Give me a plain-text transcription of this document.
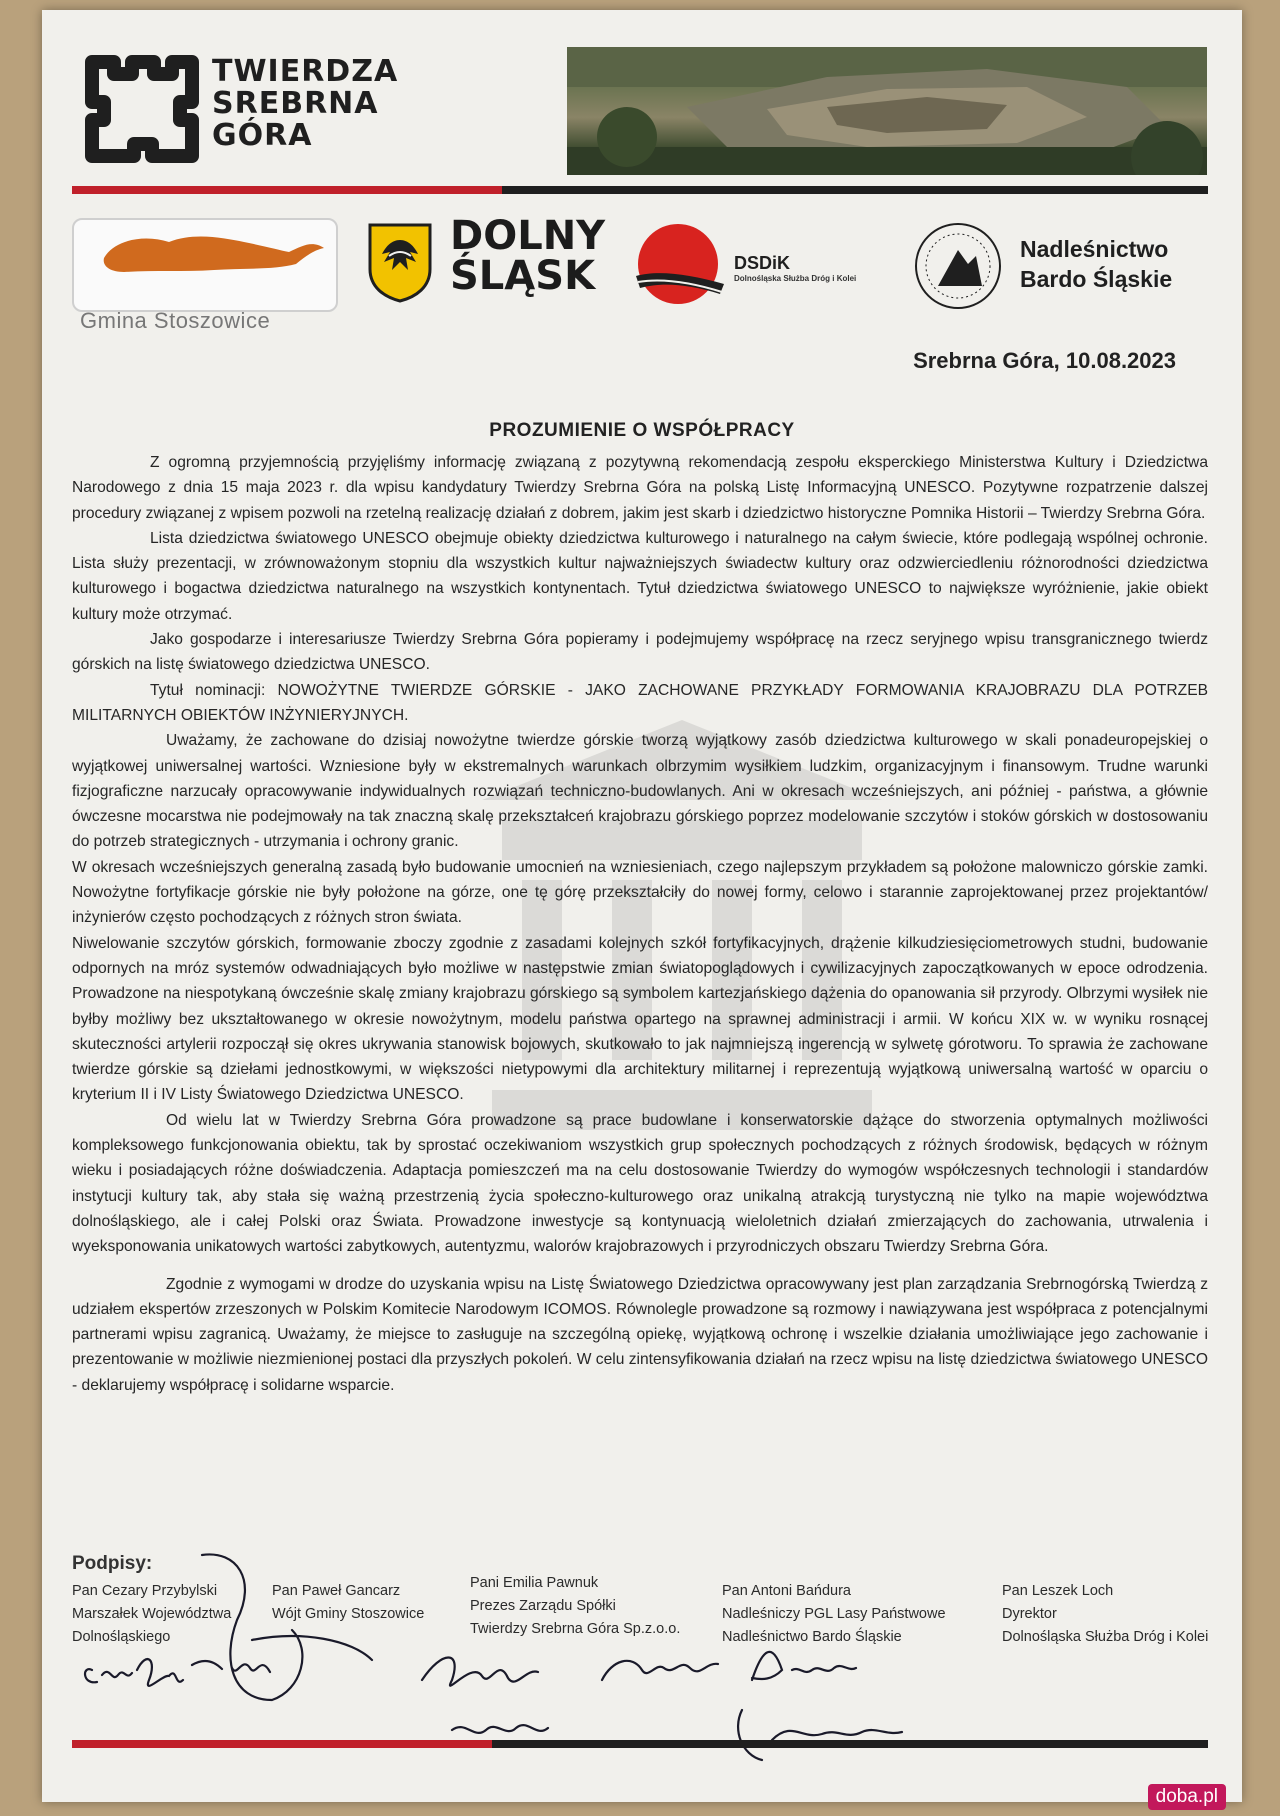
TWIERDZA
SREBRNA
GÓRA
Gmina Stoszowice
DOLNY
ŚLĄSK	DSDiK
Dolnośląska Służba Dróg i Kolei
Nadleśnictwo
Bardo Śląskie
Srebrna Góra, 10.08.2023
PROZUMIENIE O WSPÓŁPRACY

Z ogromną przyjemnością przyjęliśmy informację związaną z pozytywną rekomendacją zespołu eksperckiego Ministerstwa Kultury i Dziedzictwa Narodowego z dnia 15 maja 2023 r. dla wpisu kandydatury Twierdzy Srebrna Góra na polską Listę Informacyjną UNESCO. Pozytywne rozpatrzenie dalszej procedury związanej z wpisem pozwoli na rzetelną realizację działań z dobrem, jakim jest skarb i dziedzictwo historyczne Pomnika Historii – Twierdzy Srebrna Góra.

Lista dziedzictwa światowego UNESCO obejmuje obiekty dziedzictwa kulturowego i naturalnego na całym świecie, które podlegają wspólnej ochronie. Lista służy prezentacji, w zrównoważonym stopniu dla wszystkich kultur najważniejszych świadectw kultury oraz odzwierciedleniu różnorodności dziedzictwa kulturowego i bogactwa dziedzictwa naturalnego na wszystkich kontynentach. Tytuł dziedzictwa światowego UNESCO to największe wyróżnienie, jakie obiekt kultury może otrzymać.

Jako gospodarze i interesariusze Twierdzy Srebrna Góra popieramy i podejmujemy współpracę na rzecz seryjnego wpisu transgranicznego twierdz górskich na listę światowego dziedzictwa UNESCO.

Tytuł nominacji: NOWOŻYTNE TWIERDZE GÓRSKIE - JAKO ZACHOWANE PRZYKŁADY FORMOWANIA KRAJOBRAZU DLA POTRZEB MILITARNYCH OBIEKTÓW INŻYNIERYJNYCH.

Uważamy, że zachowane do dzisiaj nowożytne twierdze górskie tworzą wyjątkowy zasób dziedzictwa kulturowego w skali ponadeuropejskiej o wyjątkowej uniwersalnej wartości. Wzniesione były w ekstremalnych warunkach olbrzymim wysiłkiem ludzkim, organizacyjnym i finansowym. Trudne warunki fizjograficzne narzucały opracowywanie indywidualnych rozwiązań techniczno-budowlanych. Ani w okresach wcześniejszych, ani później - państwa, a głównie ówczesne mocarstwa nie podejmowały na tak znaczną skalę przekształceń krajobrazu górskiego poprzez modelowanie szczytów i stoków górskich w dostosowaniu do potrzeb strategicznych - utrzymania i ochrony granic.

W okresach wcześniejszych generalną zasadą było budowanie umocnień na wzniesieniach, czego najlepszym przykładem są położone malowniczo górskie zamki. Nowożytne fortyfikacje górskie nie były położone na górze, one tę górę przekształciły do nowej formy, celowo i starannie zaprojektowanej przez projektantów/ inżynierów często pochodzących z różnych stron świata.

Niwelowanie szczytów górskich, formowanie zboczy zgodnie z zasadami kolejnych szkół fortyfikacyjnych, drążenie kilkudziesięciometrowych studni, budowanie odpornych na mróz systemów odwadniających było możliwe w następstwie zmian światopoglądowych i cywilizacyjnych zapoczątkowanych w epoce odrodzenia. Prowadzone na niespotykaną ówcześnie skalę zmiany krajobrazu górskiego są symbolem kartezjańskiego dążenia do opanowania sił przyrody. Olbrzymi wysiłek nie byłby możliwy bez ukształtowanego w okresie nowożytnym, modelu państwa opartego na sprawnej administracji i armii. W końcu XIX w. w wyniku rosnącej skuteczności artylerii rozpoczął się okres ukrywania stanowisk bojowych, skutkowało to jak najmniejszą ingerencją w sylwetę górotworu. To sprawia że zachowane twierdze górskie są dziełami jednostkowymi, w większości nietypowymi dla architektury militarnej i reprezentują wyjątkową uniwersalną wartość w oparciu o kryterium II i IV Listy Światowego Dziedzictwa UNESCO.

Od wielu lat w Twierdzy Srebrna Góra prowadzone są prace budowlane i konserwatorskie dążące do stworzenia optymalnych możliwości kompleksowego funkcjonowania obiektu, tak by sprostać oczekiwaniom wszystkich grup społecznych pochodzących z różnych środowisk, będących w różnym wieku i posiadających różne doświadczenia. Adaptacja pomieszczeń ma na celu dostosowanie Twierdzy do wymogów współczesnych technologii i standardów instytucji kultury tak, aby stała się ważną przestrzenią życia społeczno-kulturowego oraz unikalną atrakcją turystyczną nie tylko na mapie województwa dolnośląskiego, ale i całej Polski oraz Świata. Prowadzone inwestycje są kontynuacją wieloletnich działań zmierzających do zachowania, utrwalenia i wyeksponowania unikatowych wartości zabytkowych, autentyzmu, walorów krajobrazowych i przyrodniczych obszaru Twierdzy Srebrna Góra.

Zgodnie z wymogami w drodze do uzyskania wpisu na Listę Światowego Dziedzictwa opracowywany jest plan zarządzania Srebrnogórską Twierdzą z udziałem ekspertów zrzeszonych w Polskim Komitecie Narodowym ICOMOS. Równolegle prowadzone są rozmowy i nawiązywana jest współpraca z potencjalnymi partnerami wpisu zagranicą. Uważamy, że miejsce to zasługuje na szczególną opiekę, wyjątkową ochronę i wszelkie działania umożliwiające jego zachowanie i prezentowanie w możliwie niezmienionej postaci dla przyszłych pokoleń. W celu zintensyfikowania działań na rzecz wpisu na listę dziedzictwa światowego UNESCO - deklarujemy współpracę i solidarne wsparcie.

Podpisy:
Pan Cezary Przybylski
Marszałek Województwa
Dolnośląskiego
Pan Paweł Gancarz
Wójt Gminy Stoszowice
Pani Emilia Pawnuk
Prezes Zarządu Spółki
Twierdzy Srebrna Góra Sp.z.o.o.
Pan Antoni Bańdura
Nadleśniczy PGL Lasy Państwowe
Nadleśnictwo Bardo Śląskie
Pan Leszek Loch
Dyrektor
Dolnośląska Służba Dróg i Kolei
doba.pl
